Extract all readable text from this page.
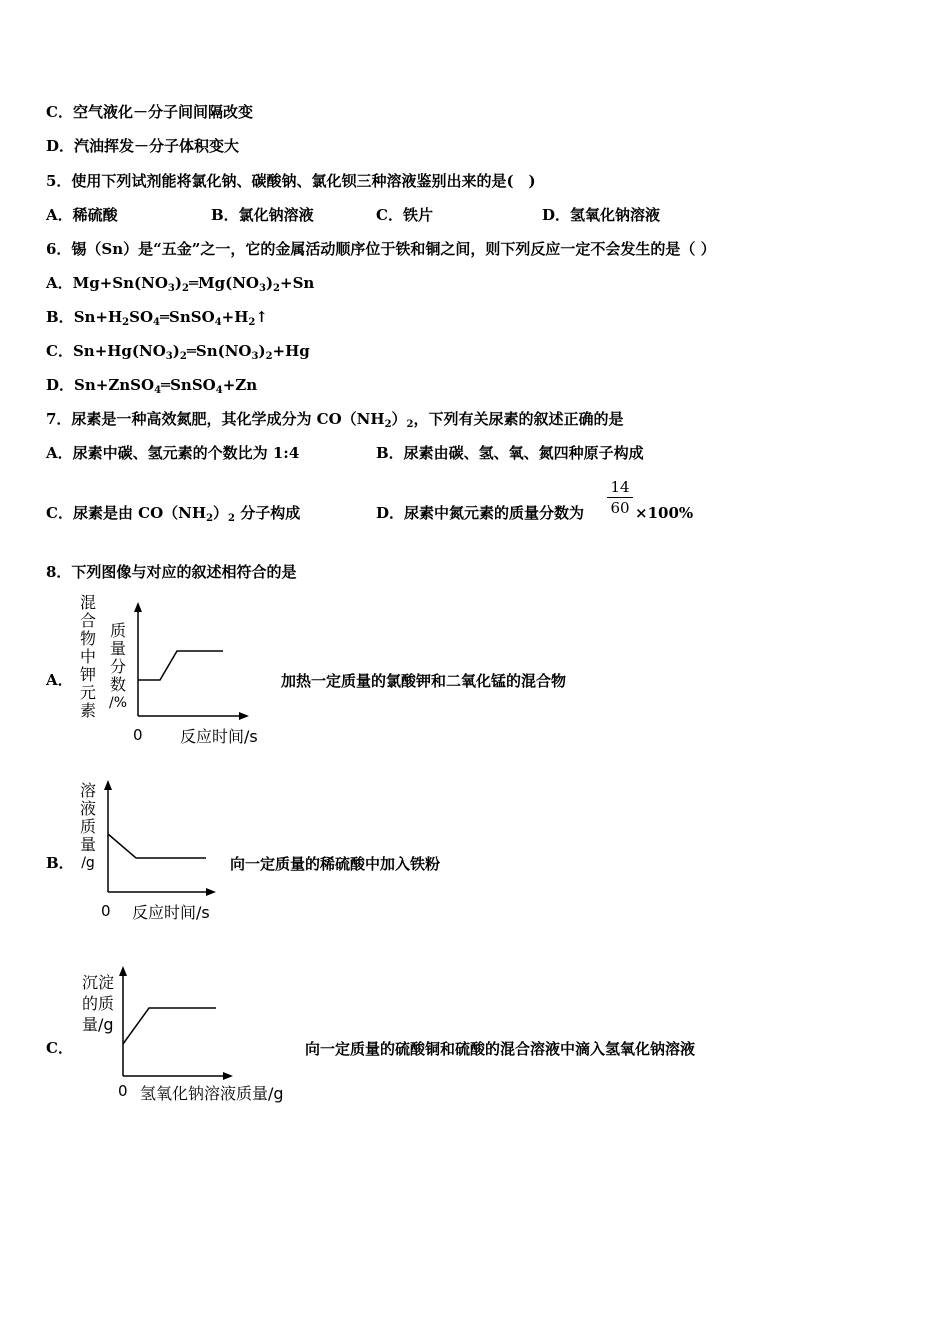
C．空气液化－分子间间隔改变
D．汽油挥发－分子体积变大
5．使用下列试剂能将氯化钠、碳酸钠、氯化钡三种溶液鉴别出来的是(　)
A．稀硫酸	B．氯化钠溶液	C．铁片	D．氢氧化钠溶液
6．锡（Sn）是“五金”之一，它的金属活动顺序位于铁和铜之间，则下列反应一定不会发生的是（ ）
A．$Mg+Sn(NO_3)_2═Mg(NO_3)_2+Sn$
B．$Sn+H_2SO_4═SnSO_4+H_2↑$
C．$Sn+Hg(NO_3)_2═Sn(NO_3)_2+Hg$
D．Sn+ZnSO$_4$═SnSO$_4$+Zn
7．尿素是一种高效氮肥，其化学成分为 $CO(NH_2)_2$，下列有关尿素的叙述正确的是
A．尿素中碳、氢元素的个数比为 1:4	B．尿素由碳、氢、氧、氮四种原子构成
C．尿素是由 $CO(NH_2)_2$ 分子构成	D．尿素中氮元素的质量分数为
14
60 ×100%
8．下列图像与对应的叙述相符合的是
A．
混
合
物
中
钾
元
素
质
量
分
数
/%
0 反应时间/s
加热一定质量的氯酸钾和二氧化锰的混合物
B．
溶
液
质
量
/g
0 反应时间/s
向一定质量的稀硫酸中加入铁粉
C．
沉淀
的质
量/g
0 氢氧化钠溶液质量/g
向一定质量的硫酸铜和硫酸的混合溶液中滴入氢氧化钠溶液
